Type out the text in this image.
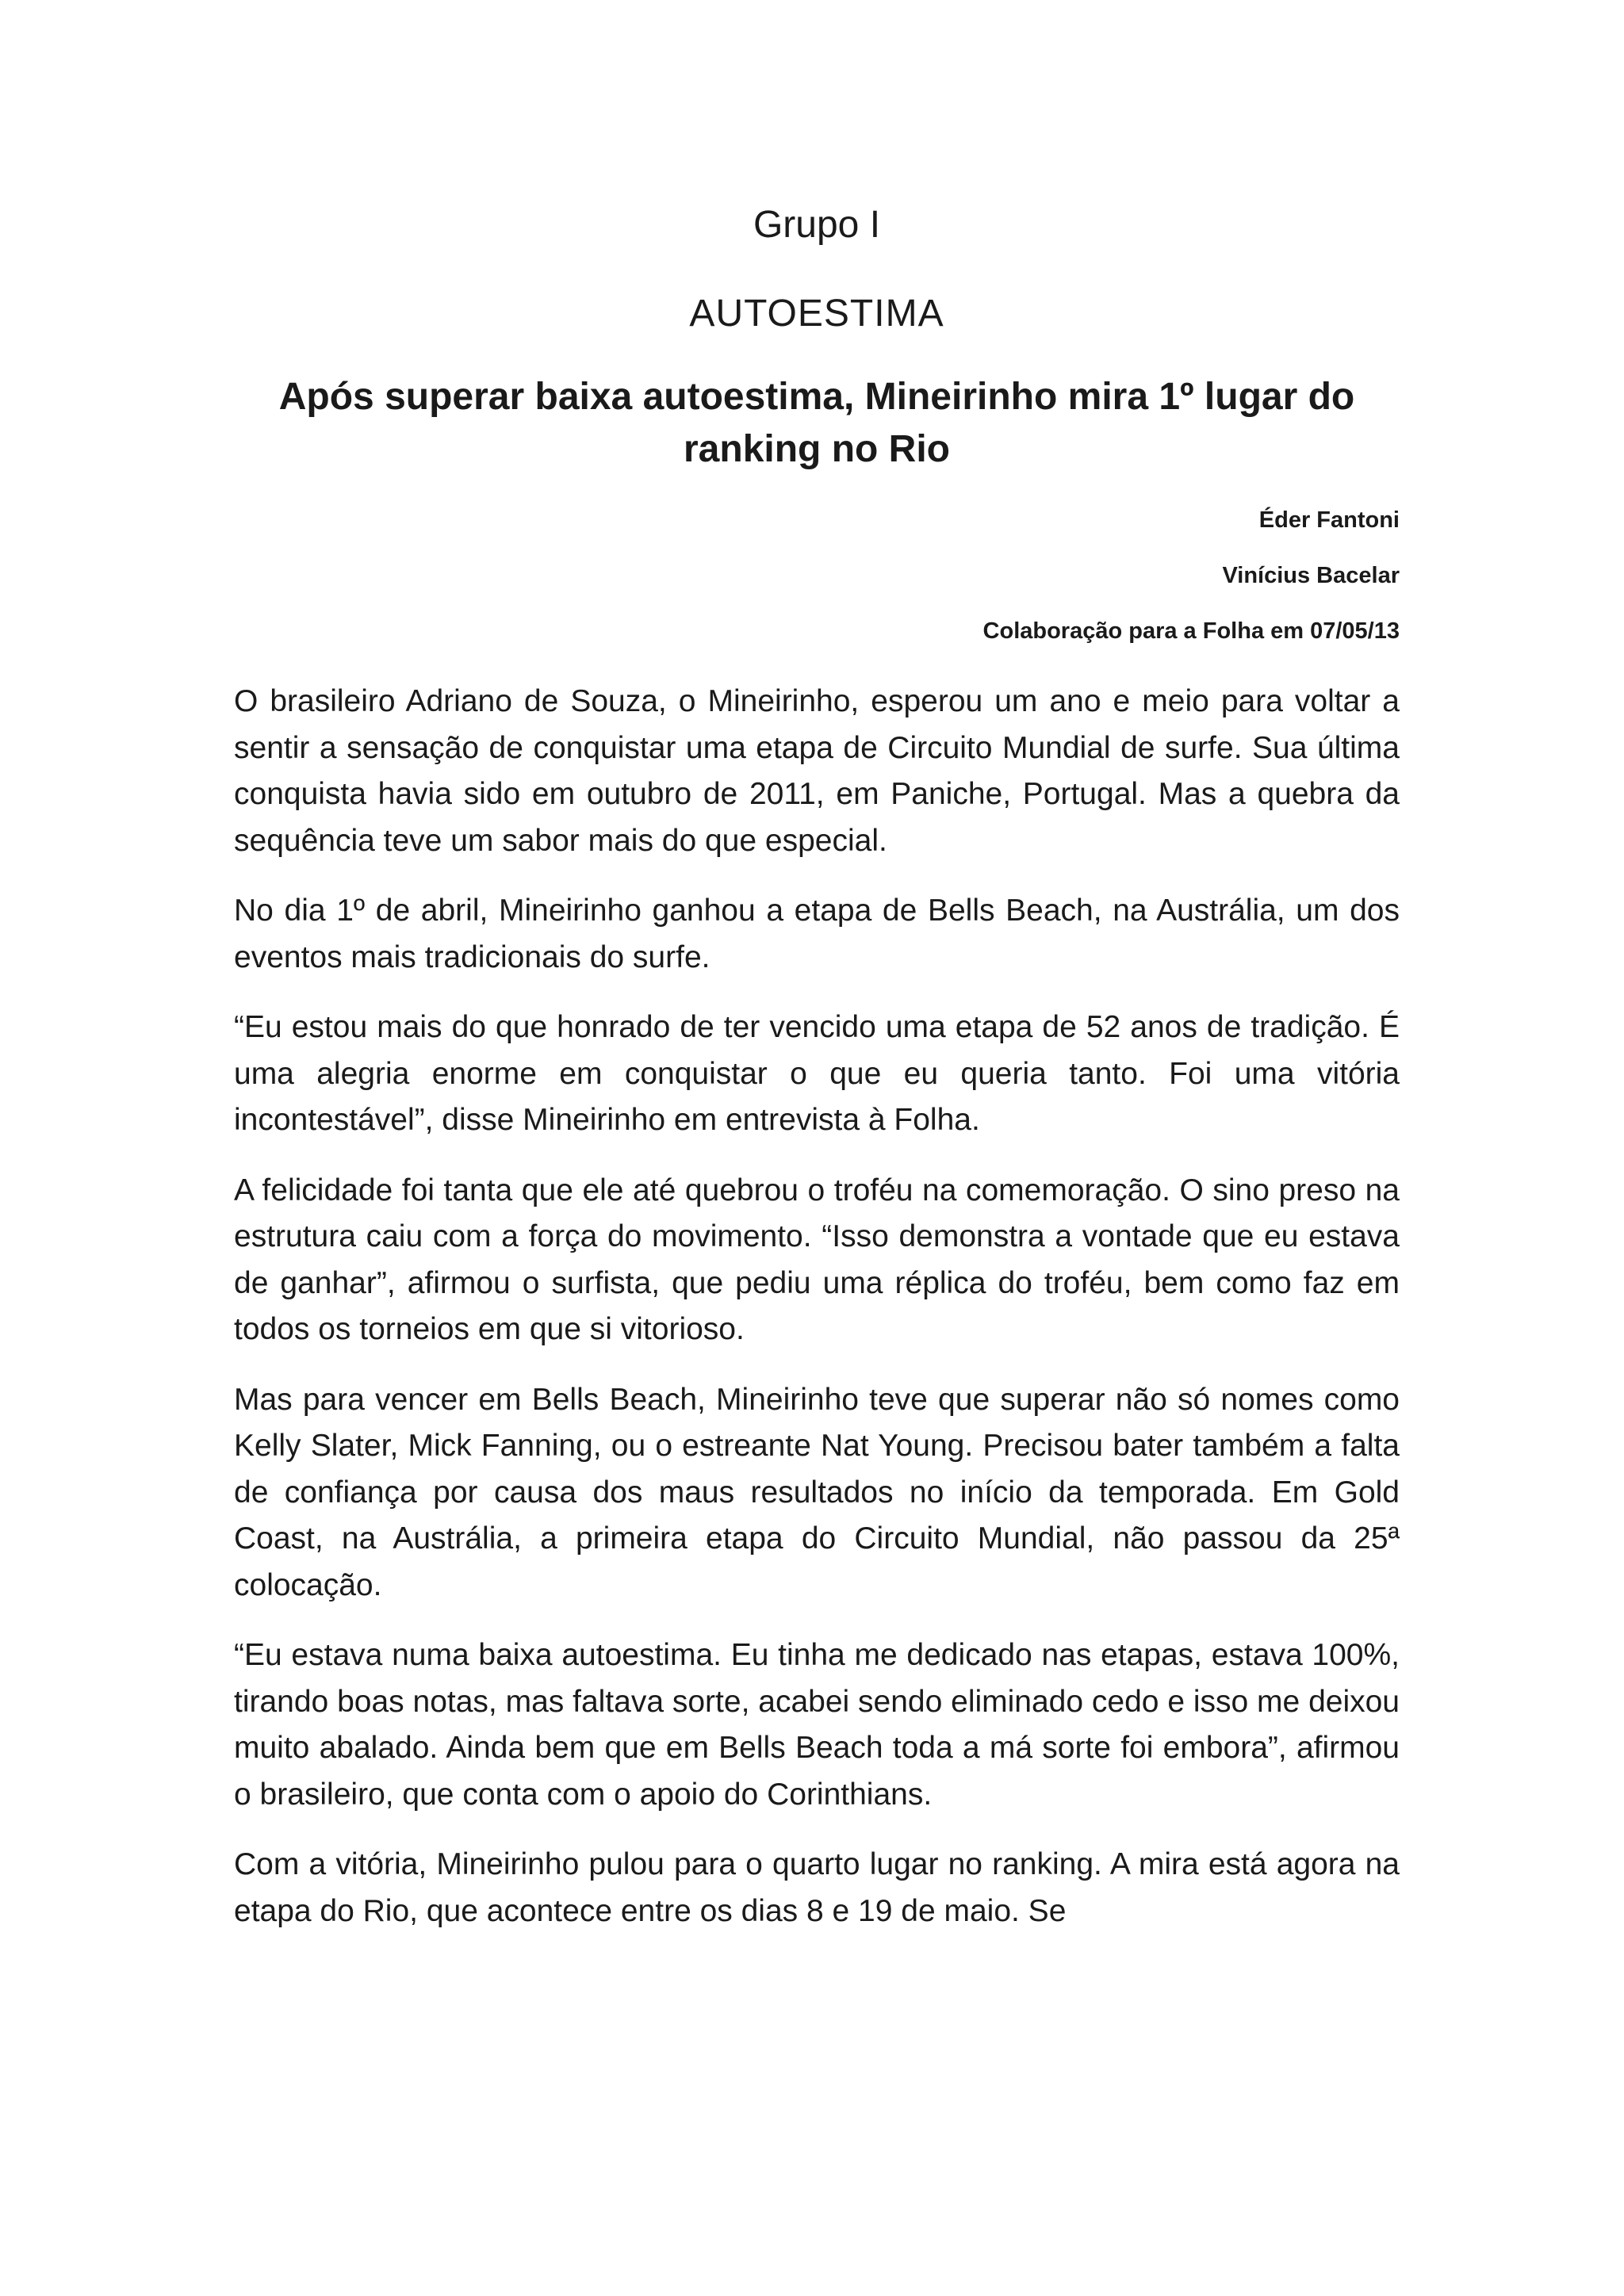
Grupo I
AUTOESTIMA
Após superar baixa autoestima, Mineirinho mira 1º lugar do ranking no Rio

Éder Fantoni

Vinícius Bacelar

Colaboração para a Folha em 07/05/13

O brasileiro Adriano de Souza, o Mineirinho, esperou um ano e meio para voltar a sentir a sensação de conquistar uma etapa de Circuito Mundial de surfe. Sua última conquista havia sido em outubro de 2011, em Paniche, Portugal. Mas a quebra da sequência teve um sabor mais do que especial.

No dia 1º de abril, Mineirinho ganhou a etapa de Bells Beach, na Austrália, um dos eventos mais tradicionais do surfe.

“Eu estou mais do que honrado de ter vencido uma etapa de 52 anos de tradição. É uma alegria enorme em conquistar o que eu queria tanto. Foi uma vitória incontestável”, disse Mineirinho em entrevista à Folha.

A felicidade foi tanta que ele até quebrou o troféu na comemoração. O sino preso na estrutura caiu com a força do movimento. “Isso demonstra a vontade que eu estava de ganhar”, afirmou o surfista, que pediu uma réplica do troféu, bem como faz em todos os torneios em que si vitorioso.

Mas para vencer em Bells Beach, Mineirinho teve que superar não só nomes como Kelly Slater, Mick Fanning, ou o estreante Nat Young. Precisou bater também a falta de confiança por causa dos maus resultados no início da temporada. Em Gold Coast, na Austrália, a primeira etapa do Circuito Mundial, não passou da 25ª colocação.

“Eu estava numa baixa autoestima. Eu tinha me dedicado nas etapas, estava 100%, tirando boas notas, mas faltava sorte, acabei sendo eliminado cedo e isso me deixou muito abalado. Ainda bem que em Bells Beach toda a má sorte foi embora”, afirmou o brasileiro, que conta com o apoio do Corinthians.

Com a vitória, Mineirinho pulou para o quarto lugar no ranking. A mira está agora na etapa do Rio, que acontece entre os dias 8 e 19 de maio. Se
